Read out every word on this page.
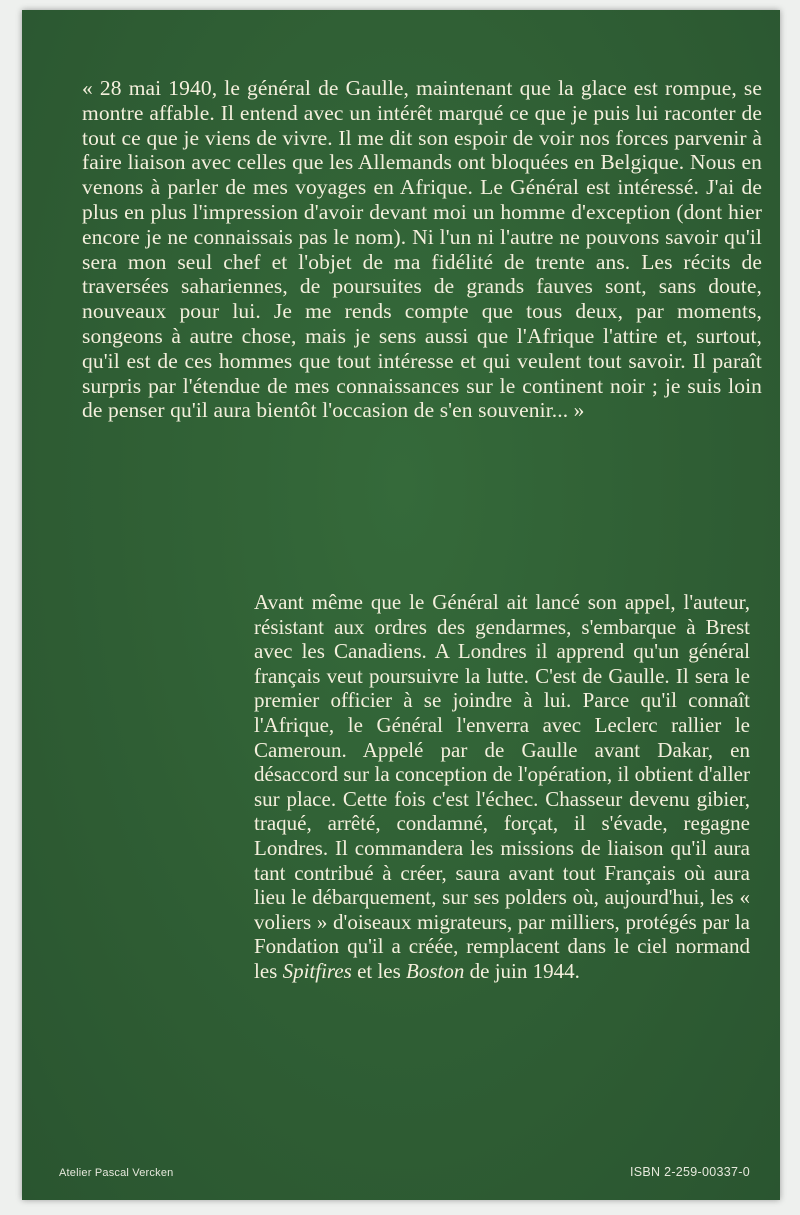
« 28 mai 1940, le général de Gaulle, maintenant que la glace est rompue, se montre affable. Il entend avec un intérêt marqué ce que je puis lui raconter de tout ce que je viens de vivre. Il me dit son espoir de voir nos forces parvenir à faire liaison avec celles que les Allemands ont bloquées en Belgique. Nous en venons à parler de mes voyages en Afrique. Le Général est intéressé. J'ai de plus en plus l'impression d'avoir devant moi un homme d'exception (dont hier encore je ne connaissais pas le nom). Ni l'un ni l'autre ne pouvons savoir qu'il sera mon seul chef et l'objet de ma fidélité de trente ans. Les récits de traversées sahariennes, de poursuites de grands fauves sont, sans doute, nouveaux pour lui. Je me rends compte que tous deux, par moments, songeons à autre chose, mais je sens aussi que l'Afrique l'attire et, surtout, qu'il est de ces hommes que tout intéresse et qui veulent tout savoir. Il paraît surpris par l'étendue de mes connaissances sur le continent noir ; je suis loin de penser qu'il aura bientôt l'occasion de s'en souvenir... »

Avant même que le Général ait lancé son appel, l'auteur, résistant aux ordres des gendarmes, s'embarque à Brest avec les Canadiens. A Londres il apprend qu'un général français veut poursuivre la lutte. C'est de Gaulle. Il sera le premier officier à se joindre à lui. Parce qu'il connaît l'Afrique, le Général l'enverra avec Leclerc rallier le Cameroun. Appelé par de Gaulle avant Dakar, en désaccord sur la conception de l'opération, il obtient d'aller sur place. Cette fois c'est l'échec. Chasseur devenu gibier, traqué, arrêté, condamné, forçat, il s'évade, regagne Londres. Il commandera les missions de liaison qu'il aura tant contribué à créer, saura avant tout Français où aura lieu le débarquement, sur ses polders où, aujourd'hui, les « voliers » d'oiseaux migrateurs, par milliers, protégés par la Fondation qu'il a créée, remplacent dans le ciel normand les Spitfires et les Boston de juin 1944.

Atelier Pascal Vercken	ISBN 2-259-00337-0
